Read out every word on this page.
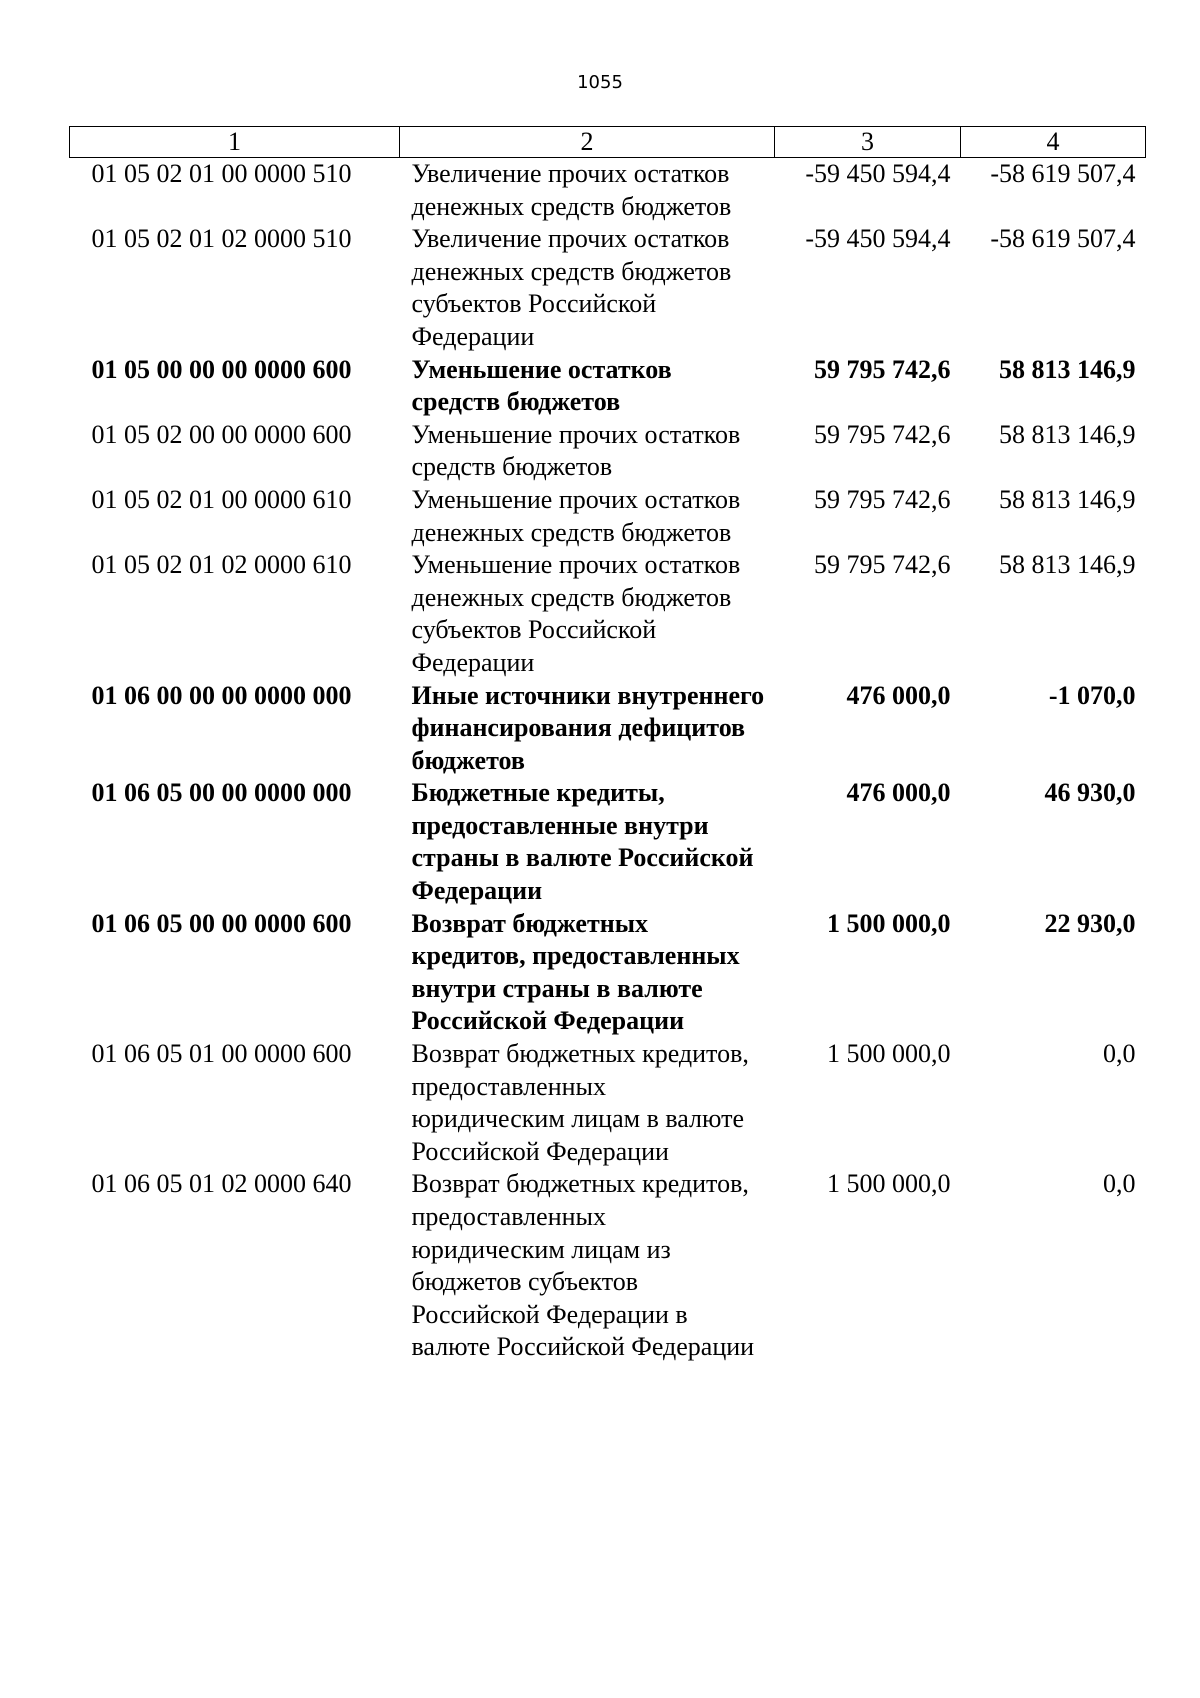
1055
1	2	3	4
01 05 02 01 00 0000 510	Увеличение прочих остатков денежных средств бюджетов	-59 450 594,4	-58 619 507,4
01 05 02 01 02 0000 510	Увеличение прочих остатков денежных средств бюджетов субъектов Российской Федерации	-59 450 594,4	-58 619 507,4
01 05 00 00 00 0000 600	Уменьшение остатков средств бюджетов	59 795 742,6	58 813 146,9
01 05 02 00 00 0000 600	Уменьшение прочих остатков средств бюджетов	59 795 742,6	58 813 146,9
01 05 02 01 00 0000 610	Уменьшение прочих остатков денежных средств бюджетов	59 795 742,6	58 813 146,9
01 05 02 01 02 0000 610	Уменьшение прочих остатков денежных средств бюджетов субъектов Российской Федерации	59 795 742,6	58 813 146,9
01 06 00 00 00 0000 000	Иные источники внутреннего финансирования дефицитов бюджетов	476 000,0	-1 070,0
01 06 05 00 00 0000 000	Бюджетные кредиты, предоставленные внутри страны в валюте Российской Федерации	476 000,0	46 930,0
01 06 05 00 00 0000 600	Возврат бюджетных кредитов, предоставленных внутри страны в валюте Российской Федерации	1 500 000,0	22 930,0
01 06 05 01 00 0000 600	Возврат бюджетных кредитов, предоставленных юридическим лицам в валюте Российской Федерации	1 500 000,0	0,0
01 06 05 01 02 0000 640	Возврат бюджетных кредитов, предоставленных юридическим лицам из бюджетов субъектов Российской Федерации в валюте Российской Федерации	1 500 000,0	0,0
